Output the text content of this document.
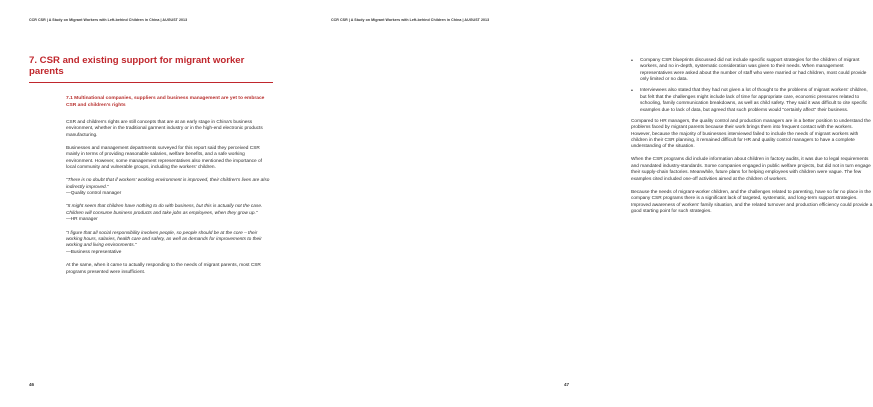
CCR CSR | A Study on Migrant Workers with Left-behind Children in China | AUGUST 2013
7. CSR and existing support for migrant worker parents

7.1 Multinational companies, suppliers and business management are yet to embrace CSR and children's rights

CSR and children's rights are still concepts that are at an early stage in China's business environment, whether in the traditional garment industry or in the high-end electronic products manufacturing.

Businesses and management departments surveyed for this report said they perceived CSR mainly in terms of providing reasonable salaries, welfare benefits, and a safe working environment. However, some management representatives also mentioned the importance of local community and vulnerable groups, including the workers' children.

"There is no doubt that if workers' working environment is improved, their children's lives are also indirectly improved."

—Quality control manager

"It might seem that children have nothing to do with business, but this is actually not the case. Children will consume business products and take jobs as employees, when they grow up."

—HR manager

"I figure that all social responsibility involves people, so people should be at the core – their working hours, salaries, health care and safety, as well as demands for improvements to their working and living environments."

—Business representative

At the same, when it came to actually responding to the needs of migrant parents, most CSR programs presented were insufficient.

46
CCR CSR | A Study on Migrant Workers with Left-behind Children in China | AUGUST 2013
• Company CSR blueprints discussed did not include specific support strategies for the children of migrant workers, and no in-depth, systematic consideration was given to their needs. When management representatives were asked about the number of staff who were married or had children, most could provide only limited or no data.
• Interviewees also stated that they had not given a lot of thought to the problems of migrant workers' children, but felt that the challenges might include lack of time for appropriate care, economic pressures related to schooling, family communication breakdowns, as well as child safety. They said it was difficult to cite specific examples due to lack of data, but agreed that such problems would "certainly affect" their business.

Compared to HR managers, the quality control and production managers are in a better position to understand the problems faced by migrant parents because their work brings them into frequent contact with the workers. However, because the majority of businesses interviewed failed to include the needs of migrant workers with children in their CSR planning, it remained difficult for HR and quality control managers to have a complete understanding of the situation.

When the CSR programs did include information about children in factory audits, it was due to legal requirements and mandated industry-standards. Some companies engaged in public welfare projects, but did not in turn engage their supply-chain factories. Meanwhile, future plans for helping employees with children were vague. The few examples cited included one-off activities aimed at the children of workers.

Because the needs of migrant-worker children, and the challenges related to parenting, have so far no place in the company CSR programs there is a significant lack of targeted, systematic, and long-term support strategies. Improved awareness of workers' family situation, and the related turnover and production efficiency could provide a good starting point for such strategies.

47
